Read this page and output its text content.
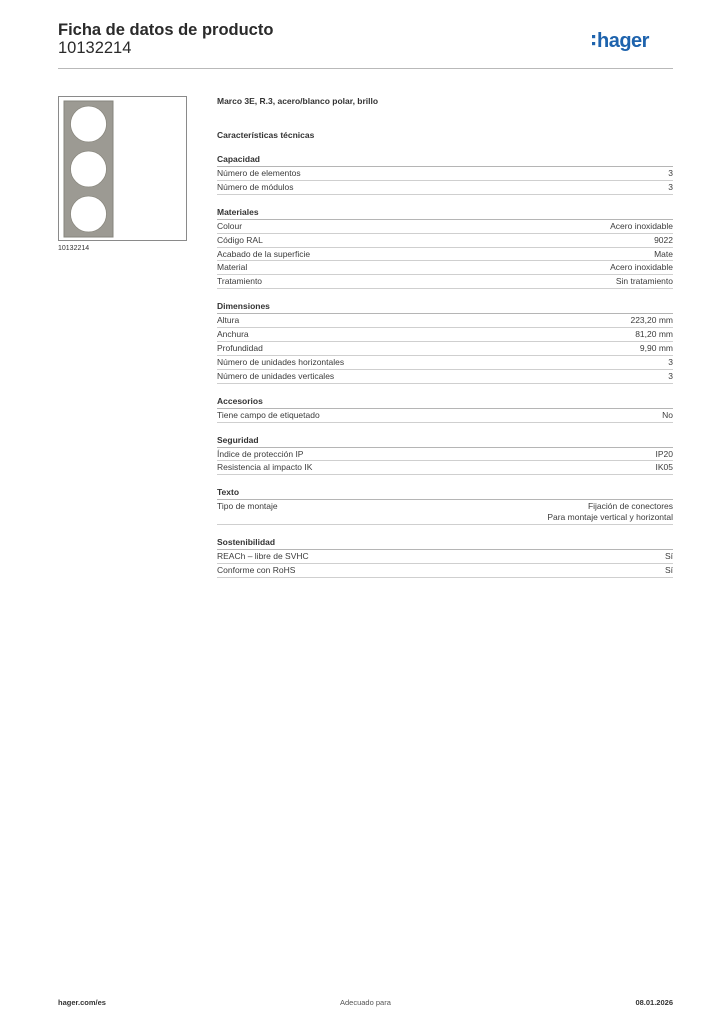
Ficha de datos de producto
10132214	hager
10132214
Marco 3E, R.3, acero/blanco polar, brillo
Características técnicas
Capacidad
Número de elementos	3
Número de módulos	3
Materiales
Colour	Acero inoxidable
Código RAL	9022
Acabado de la superficie	Mate
Material	Acero inoxidable
Tratamiento	Sin tratamiento
Dimensiones
Altura	223,20 mm
Anchura	81,20 mm
Profundidad	9,90 mm
Número de unidades horizontales	3
Número de unidades verticales	3
Accesorios
Tiene campo de etiquetado	No
Seguridad
Índice de protección IP	IP20
Resistencia al impacto IK	IK05
Texto
Tipo de montaje	Fijación de conectores
Para montaje vertical y horizontal
Sostenibilidad
REACh – libre de SVHC	Sí
Conforme con RoHS	Sí
hager.com/es	Adecuado para	08.01.2026
